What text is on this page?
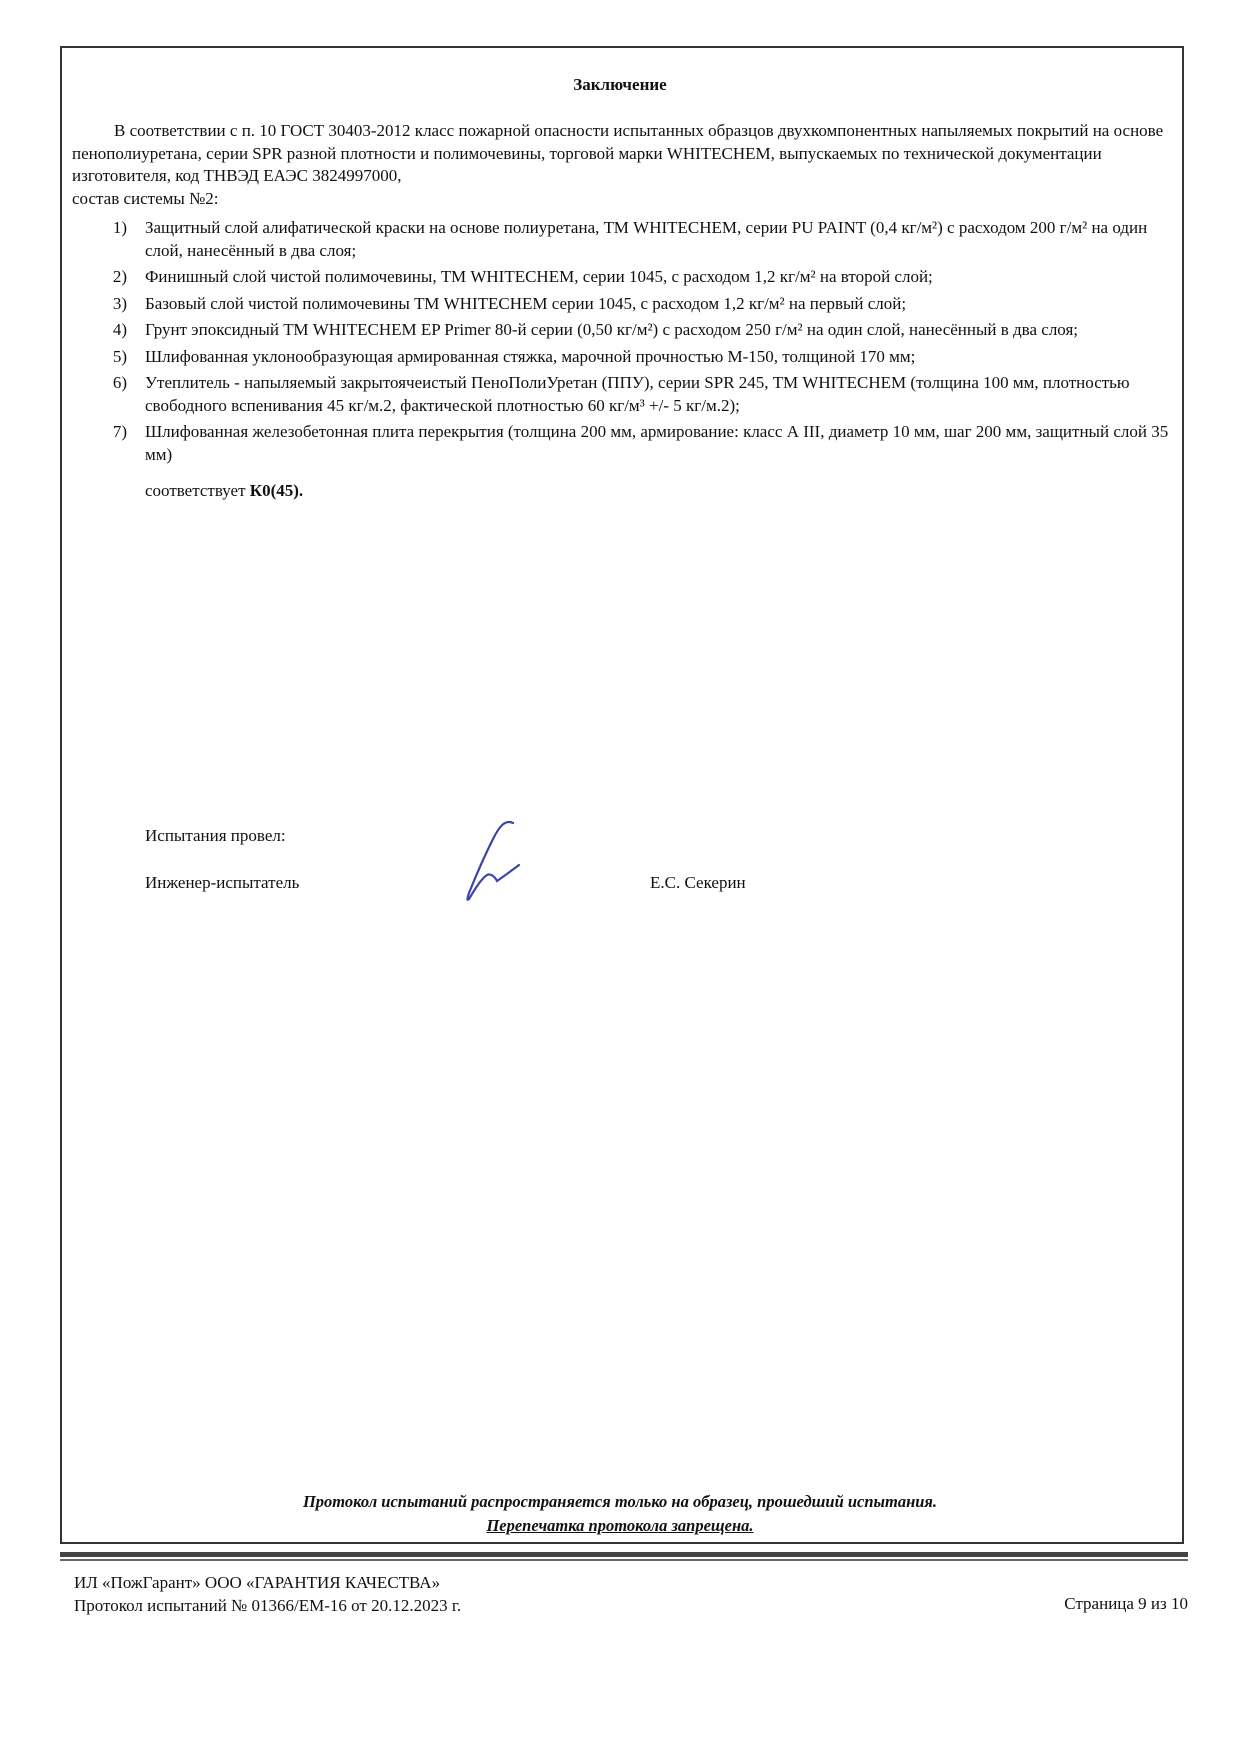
Заключение

В соответствии с п. 10 ГОСТ 30403-2012 класс пожарной опасности испытанных образцов двухкомпонентных напыляемых покрытий на основе пенополиуретана, серии SPR разной плотности и полимочевины, торговой марки WHITECHEM, выпускаемых по технической документации изготовителя, код ТНВЭД ЕАЭС 3824997000,

состав системы №2:

1)	Защитный слой алифатической краски на основе полиуретана, ТМ WHITECHEM, серии PU PAINT (0,4 кг/м²) с расходом 200 г/м² на один слой, нанесённый в два слоя;
2)	Финишный слой чистой полимочевины, ТМ WHITECHEM, серии 1045, с расходом 1,2 кг/м² на второй слой;
3)	Базовый слой чистой полимочевины ТМ WHITECHEM серии 1045, с расходом 1,2 кг/м² на первый слой;
4)	Грунт эпоксидный ТМ WHITECHEM EP Primer 80-й серии (0,50 кг/м²) с расходом 250 г/м² на один слой, нанесённый в два слоя;
5)	Шлифованная уклонообразующая армированная стяжка, марочной прочностью М-150, толщиной 170 мм;
6)	Утеплитель - напыляемый закрытоячеистый ПеноПолиУретан (ППУ), серии SPR 245, ТМ WHITECHEM (толщина 100 мм, плотностью свободного вспенивания 45 кг/м.2, фактической плотностью 60 кг/м³ +/- 5 кг/м.2);
7)	Шлифованная железобетонная плита перекрытия (толщина 200 мм, армирование: класс А III, диаметр 10 мм, шаг 200 мм, защитный слой 35 мм)
соответствует К0(45).
Испытания провел:
Инженер-испытатель	Е.С. Секерин
Протокол испытаний распространяется только на образец, прошедший испытания.
Перепечатка протокола запрещена.
ИЛ «ПожГарант» ООО «ГАРАНТИЯ КАЧЕСТВА»
Протокол испытаний № 01366/ЕМ-16 от 20.12.2023 г.	Страница 9 из 10
